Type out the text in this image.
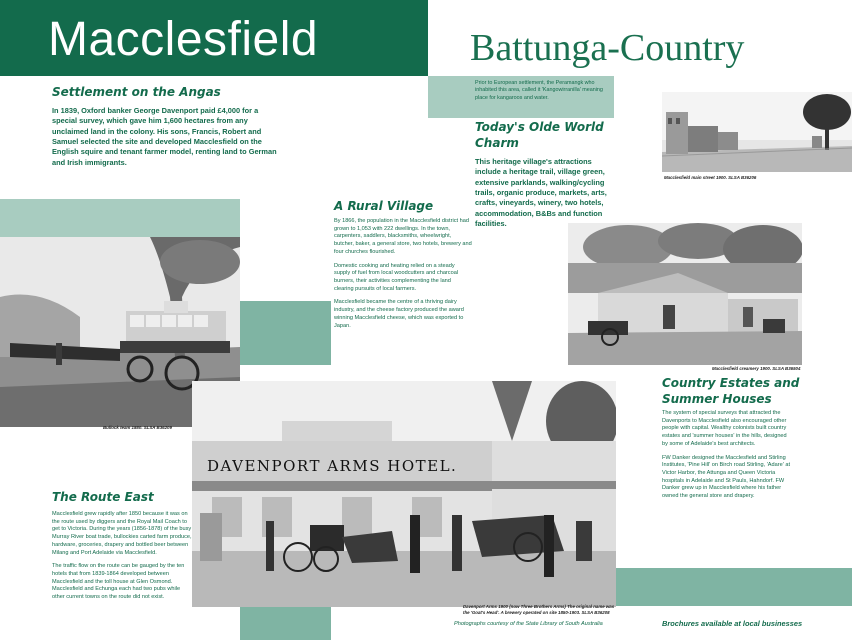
Macclesfield	Battunga-Country
Prior to European settlement, the Peramangk who inhabited this area, called it 'Kangowirranilla' meaning place for kangaroos and water.
Settlement on the Angas
In 1839, Oxford banker George Davenport paid £4,000 for a special survey, which gave him 1,600 hectares from any unclaimed land in the colony. His sons, Francis, Robert and Samuel selected the site and developed Macclesfield on the English squire and tenant farmer model, renting land to German and Irish immigrants.
Today's Olde World Charm
This heritage village's attractions include a heritage trail, village green, extensive parklands, walking/cycling trails, organic produce, markets, arts, crafts, vineyards, winery, two hotels, accommodation, B&Bs and function facilities.
Macclesfield main street 1900. SLSA B36206
Bullock team 1880. SLSA B36209
A Rural Village

By 1866, the population in the Macclesfield district had grown to 1,053 with 222 dwellings. In the town, carpenters, saddlers, blacksmiths, wheelwright, butcher, baker, a general store, two hotels, brewery and four churches flourished.

Domestic cooking and heating relied on a steady supply of fuel from local woodcutters and charcoal burners, their activities complementing the land clearing pursuits of local farmers.

Macclesfield became the centre of a thriving dairy industry, and the cheese factory produced the award winning Macclesfield cheese, which was exported to Japan.

Macclesfield creamery 1900. SLSA B36504
Country Estates and Summer Houses

The system of special surveys that attracted the Davenports to Macclesfield also encouraged other people with capital. Wealthy colonists built country estates and 'summer houses' in the hills, designed by some of Adelaide's best architects.

FW Danker designed the Macclesfield and Stirling Institutes, 'Pine Hill' on Birch road Stirling, 'Adare' at Victor Harbor, the Attunga and Queen Victoria hospitals in Adelaide and St Pauls, Hahndorf. FW Danker grew up in Macclesfield where his father owned the general store and drapery.

DAVENPORT ARMS HOTEL.
Davenport Arms 1900 (now Three Brothers Arms) The original name was the 'Goat's Head'. A brewery operated on site 1850-1903. SLSA B36208
The Route East

Macclesfield grew rapidly after 1850 because it was on the route used by diggers and the Royal Mail Coach to get to Victoria. During the years (1856-1878) of the busy Murray River boat trade, bullockies carted farm produce, hardware, groceries, drapery and bottled beer between Milang and Port Adelaide via Macclesfield.

The traffic flow on the route can be gauged by the ten hotels that from 1839-1864 developed between Macclesfield and the toll house at Glen Osmond. Macclesfield and Echunga each had two pubs while other current towns on the route did not exist.

Photographs courtesy of the State Library of South Australia	Brochures available at local businesses
